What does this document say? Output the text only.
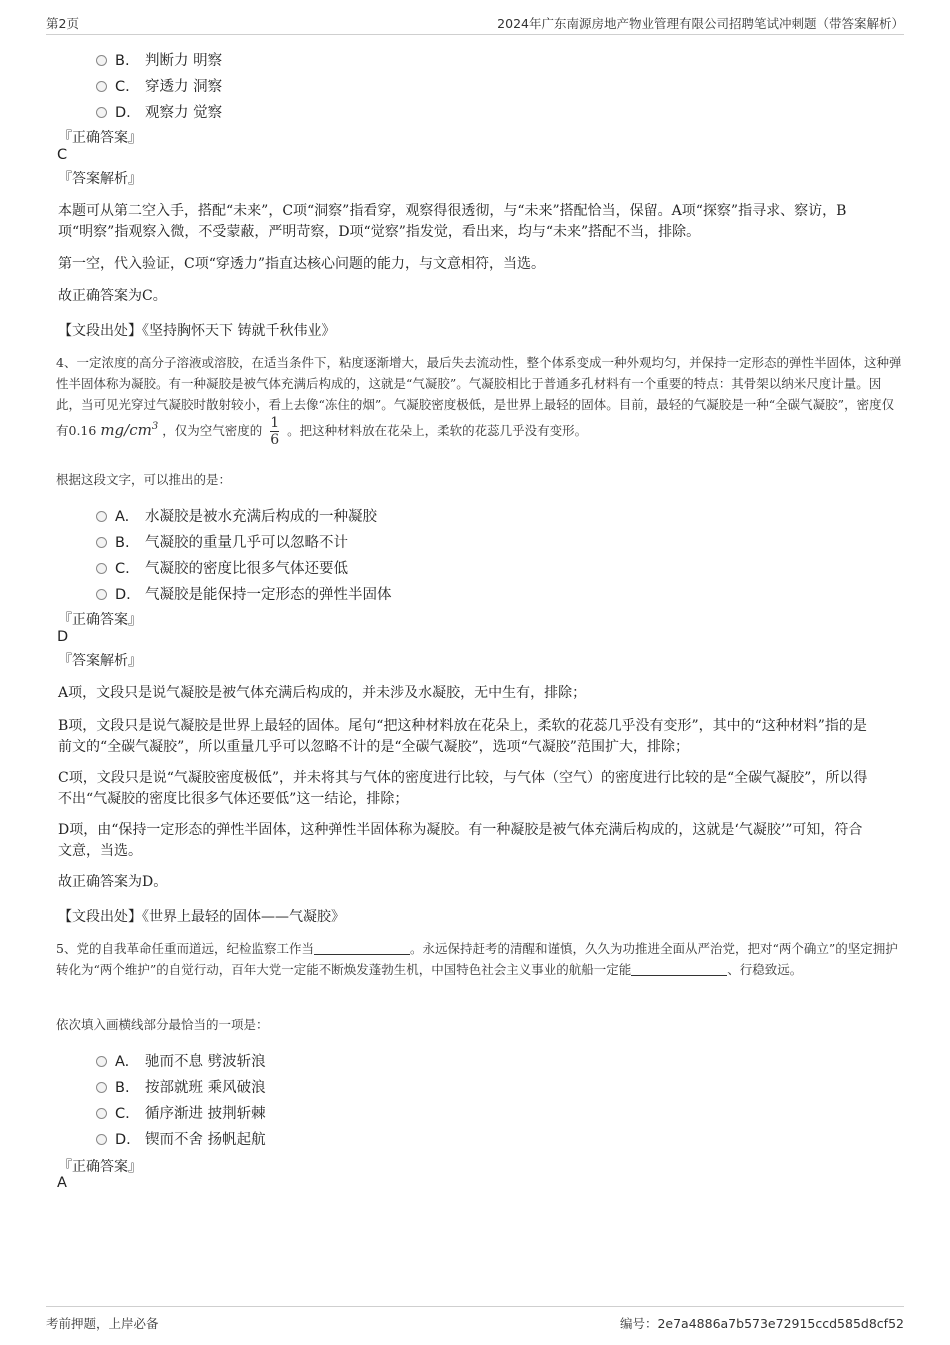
第2页	2024年广东南源房地产物业管理有限公司招聘笔试冲刺题（带答案解析）
B. 判断力 明察
C. 穿透力 洞察
D. 观察力 觉察
『正确答案』
C
『答案解析』
本题可从第二空入手，搭配“未来”，C项“洞察”指看穿，观察得很透彻，与“未来”搭配恰当，保留。A项“探察”指寻求、察访，B项“明察”指观察入微，不受蒙蔽，严明苛察，D项“觉察”指发觉，看出来，均与“未来”搭配不当，排除。
第一空，代入验证，C项“穿透力”指直达核心问题的能力，与文意相符，当选。
故正确答案为C。
【文段出处】《坚持胸怀天下 铸就千秋伟业》
4、一定浓度的高分子溶液或溶胶，在适当条件下，粘度逐渐增大，最后失去流动性，整个体系变成一种外观均匀，并保持一定形态的弹性半固体，这种弹性半固体称为凝胶。有一种凝胶是被气体充满后构成的，这就是“气凝胶”。气凝胶相比于普通多孔材料有一个重要的特点：其骨架以纳米尺度计量。因此，当可见光穿过气凝胶时散射较小，看上去像“冻住的烟”。气凝胶密度极低，是世界上最轻的固体。目前，最轻的气凝胶是一种“全碳气凝胶”，密度仅有0.16 $mg/cm^3$ ，仅为空气密度的 $\frac{1}{6}$ 。把这种材料放在花朵上，柔软的花蕊几乎没有变形。
根据这段文字，可以推出的是：
A. 水凝胶是被水充满后构成的一种凝胶
B. 气凝胶的重量几乎可以忽略不计
C. 气凝胶的密度比很多气体还要低
D. 气凝胶是能保持一定形态的弹性半固体
『正确答案』
D
『答案解析』
A项，文段只是说气凝胶是被气体充满后构成的，并未涉及水凝胶，无中生有，排除；
B项，文段只是说气凝胶是世界上最轻的固体。尾句“把这种材料放在花朵上，柔软的花蕊几乎没有变形”，其中的“这种材料”指的是前文的“全碳气凝胶”，所以重量几乎可以忽略不计的是“全碳气凝胶”，选项“气凝胶”范围扩大，排除；
C项，文段只是说“气凝胶密度极低”，并未将其与气体的密度进行比较，与气体（空气）的密度进行比较的是“全碳气凝胶”，所以得不出“气凝胶的密度比很多气体还要低”这一结论，排除；
D项，由“保持一定形态的弹性半固体，这种弹性半固体称为凝胶。有一种凝胶是被气体充满后构成的，这就是‘气凝胶’”可知，符合文意，当选。
故正确答案为D。
【文段出处】《世界上最轻的固体——气凝胶》
5、党的自我革命任重而道远，纪检监察工作当	。永远保持赶考的清醒和谨慎，久久为功推进全面从严治党，把对“两个确立”的坚定拥护转化为“两个维护”的自觉行动，百年大党一定能不断焕发蓬勃生机，中国特色社会主义事业的航船一定能	、行稳致远。
依次填入画横线部分最恰当的一项是：
A. 驰而不息 劈波斩浪
B. 按部就班 乘风破浪
C. 循序渐进 披荆斩棘
D. 锲而不舍 扬帆起航
『正确答案』
A
考前押题，上岸必备	编号：2e7a4886a7b573e72915ccd585d8cf52
